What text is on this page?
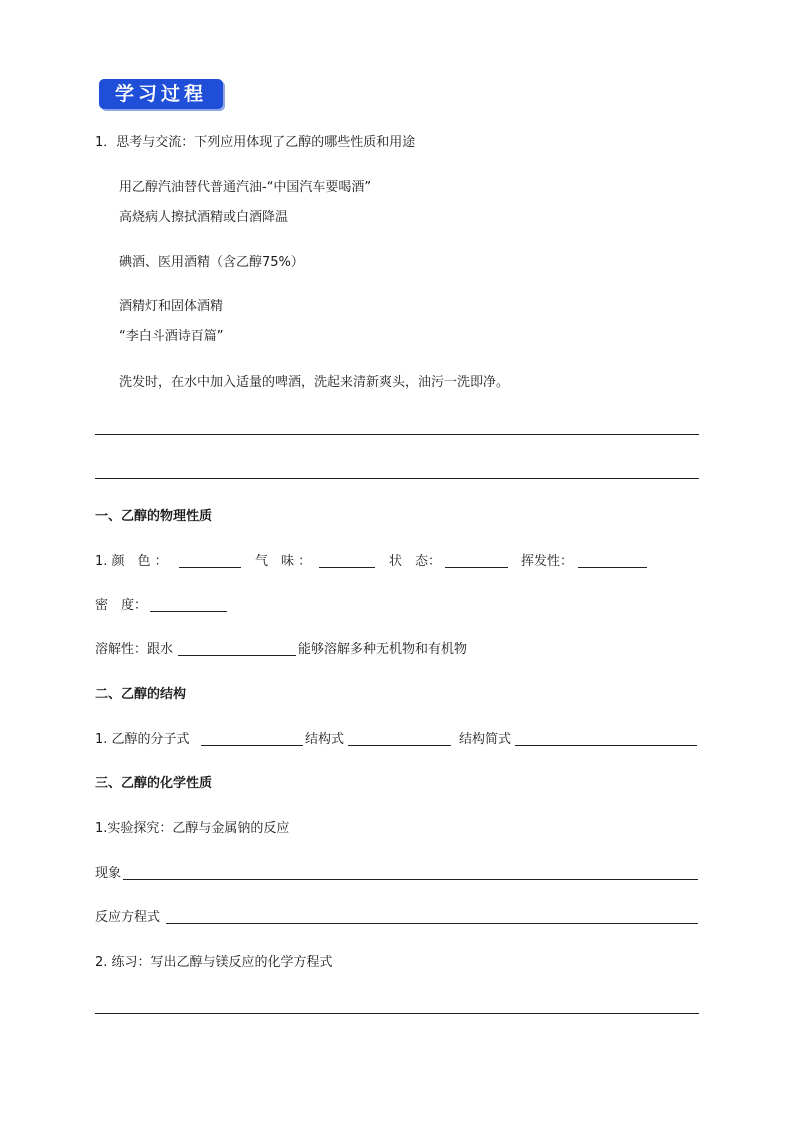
学习过程
1．思考与交流：下列应用体现了乙醇的哪些性质和用途
用乙醇汽油替代普通汽油-“中国汽车要喝酒”
高烧病人擦拭酒精或白酒降温
碘酒、医用酒精（含乙醇75%）
酒精灯和固体酒精
“李白斗酒诗百篇”
洗发时，在水中加入适量的啤酒，洗起来清新爽头，油污一洗即净。
一、乙醇的物理性质
1. 颜　色 ：	气　味 ：	状　态：	挥发性：
密　度：
溶解性：跟水	能够溶解多种无机物和有机物
二、乙醇的结构
1. 乙醇的分子式	结构式	结构简式
三、乙醇的化学性质
1.实验探究：乙醇与金属钠的反应
现象
反应方程式
2. 练习：写出乙醇与镁反应的化学方程式
